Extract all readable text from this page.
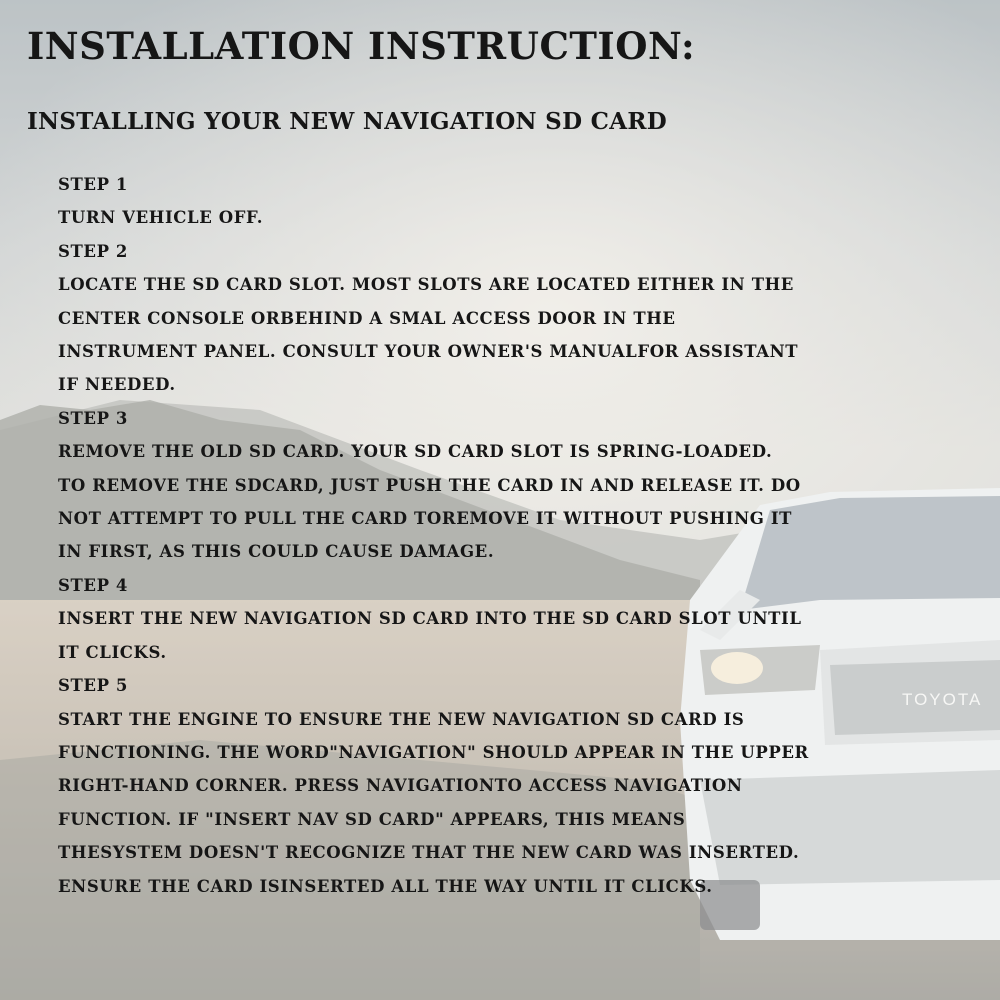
TOYOTA
INSTALLATION INSTRUCTION:
INSTALLING YOUR NEW NAVIGATION SD CARD
STEP 1
TURN VEHICLE OFF.
STEP 2
LOCATE THE SD CARD SLOT. MOST SLOTS ARE LOCATED EITHER IN THE
CENTER CONSOLE ORBEHIND A SMAL ACCESS DOOR IN THE
INSTRUMENT PANEL. CONSULT YOUR OWNER'S MANUALFOR ASSISTANT
IF NEEDED.
STEP 3
REMOVE THE OLD SD CARD. YOUR SD CARD SLOT IS SPRING-LOADED.
TO REMOVE THE SDCARD, JUST PUSH THE CARD IN AND RELEASE IT. DO
NOT ATTEMPT TO PULL THE CARD TOREMOVE IT WITHOUT PUSHING IT
IN FIRST, AS THIS COULD CAUSE DAMAGE.
STEP 4
INSERT THE NEW NAVIGATION SD CARD INTO THE SD CARD SLOT UNTIL
IT CLICKS.
STEP 5
START THE ENGINE TO ENSURE THE NEW NAVIGATION SD CARD IS
FUNCTIONING. THE WORD"NAVIGATION" SHOULD APPEAR IN THE UPPER
RIGHT-HAND CORNER. PRESS NAVIGATIONTO ACCESS NAVIGATION
FUNCTION. IF "INSERT NAV SD CARD" APPEARS, THIS MEANS
THESYSTEM DOESN'T RECOGNIZE THAT THE NEW CARD WAS INSERTED.
ENSURE THE CARD ISINSERTED ALL THE WAY UNTIL IT CLICKS.
